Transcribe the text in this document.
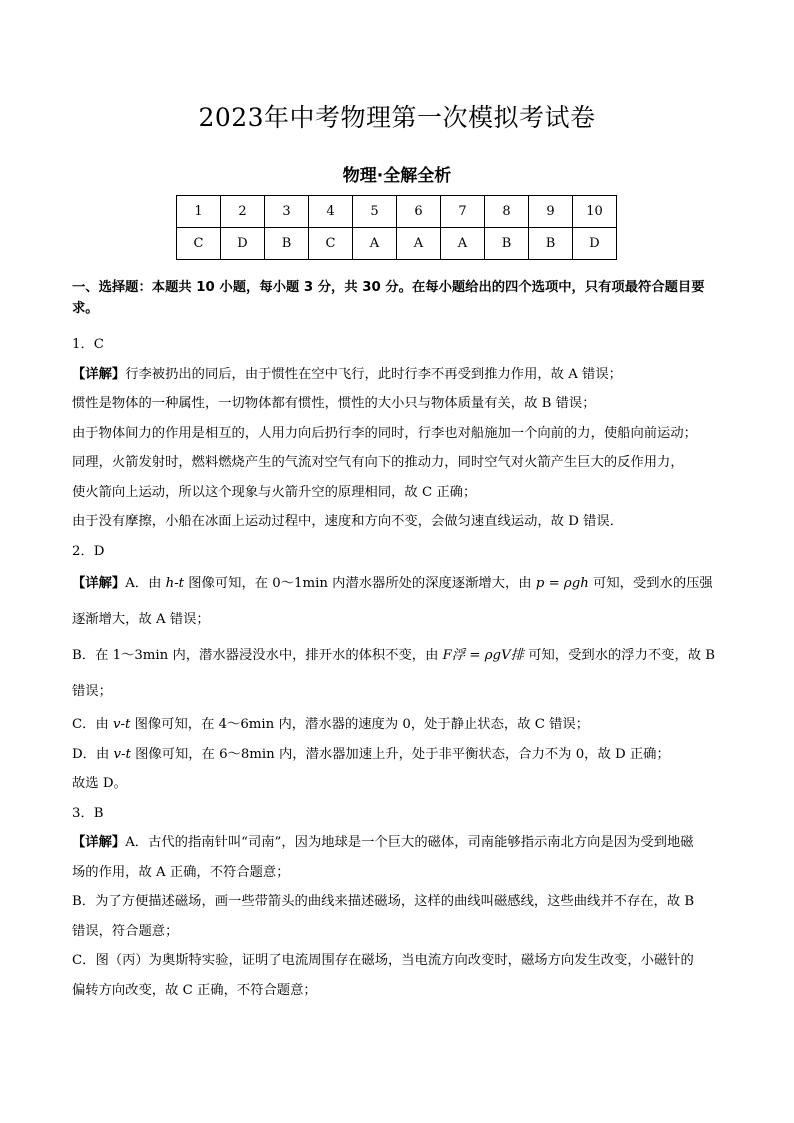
2023年中考物理第一次模拟考试卷
物理·全解全析
1	2	3	4	5	6	7	8	9	10
C	D	B	C	A	A	A	B	B	D
一、选择题：本题共 10 小题，每小题 3 分，共 30 分。在每小题给出的四个选项中，只有项最符合题目要求。
1．C
【详解】行李被扔出的同后，由于惯性在空中飞行，此时行李不再受到推力作用，故 A 错误；
惯性是物体的一种属性，一切物体都有惯性，惯性的大小只与物体质量有关，故 B 错误；
由于物体间力的作用是相互的，人用力向后扔行李的同时，行李也对船施加一个向前的力，使船向前运动；
同理，火箭发射时，燃料燃烧产生的气流对空气有向下的推动力，同时空气对火箭产生巨大的反作用力，
使火箭向上运动，所以这个现象与火箭升空的原理相同，故 C 正确；
由于没有摩擦，小船在冰面上运动过程中，速度和方向不变，会做匀速直线运动，故 D 错误．
2．D
【详解】A．由 h-t 图像可知，在 0～1min 内潜水器所处的深度逐渐增大，由 p = ρgh 可知，受到水的压强
逐渐增大，故 A 错误；
B．在 1～3min 内，潜水器浸没水中，排开水的体积不变，由 F浮 = ρgV排 可知，受到水的浮力不变，故 B
错误；
C．由 v-t 图像可知，在 4～6min 内，潜水器的速度为 0，处于静止状态，故 C 错误；
D．由 v-t 图像可知，在 6～8min 内，潜水器加速上升，处于非平衡状态，合力不为 0，故 D 正确；
故选 D。
3．B
【详解】A．古代的指南针叫“司南”，因为地球是一个巨大的磁体，司南能够指示南北方向是因为受到地磁
场的作用，故 A 正确，不符合题意；
B．为了方便描述磁场，画一些带箭头的曲线来描述磁场，这样的曲线叫磁感线，这些曲线并不存在，故 B
错误，符合题意；
C．图（丙）为奥斯特实验，证明了电流周围存在磁场，当电流方向改变时，磁场方向发生改变，小磁针的
偏转方向改变，故 C 正确，不符合题意；
